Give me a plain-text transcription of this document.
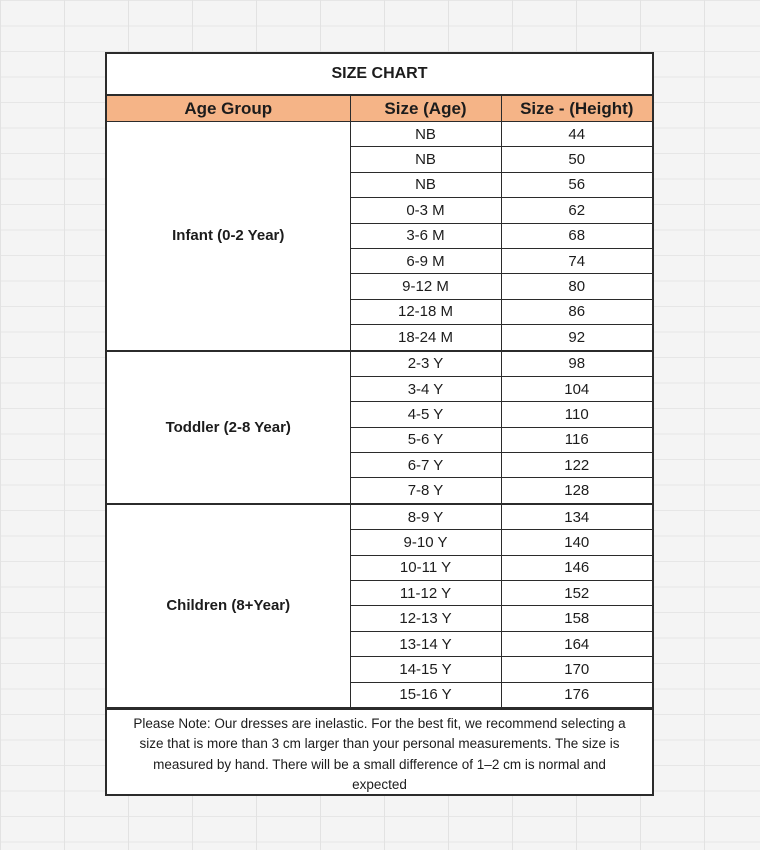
SIZE CHART		
Age Group	Size (Age)	Size - (Height)
Infant (0-2 Year)	NB	44
	NB	50
	NB	56
	0-3 M	62
	3-6 M	68
	6-9 M	74
	9-12 M	80
	12-18 M	86
	18-24 M	92
Toddler (2-8 Year)	2-3 Y	98
	3-4 Y	104
	4-5 Y	110
	5-6 Y	116
	6-7 Y	122
	7-8 Y	128
Children (8+Year)	8-9 Y	134
	9-10 Y	140
	10-11 Y	146
	11-12 Y	152
	12-13 Y	158
	13-14 Y	164
	14-15 Y	170
	15-16 Y	176
Please Note: Our dresses are inelastic. For the best fit, we recommend selecting a size that is more than 3 cm larger than your personal measurements. The size is measured by hand. There will be a small difference of 1–2 cm is normal and expected
